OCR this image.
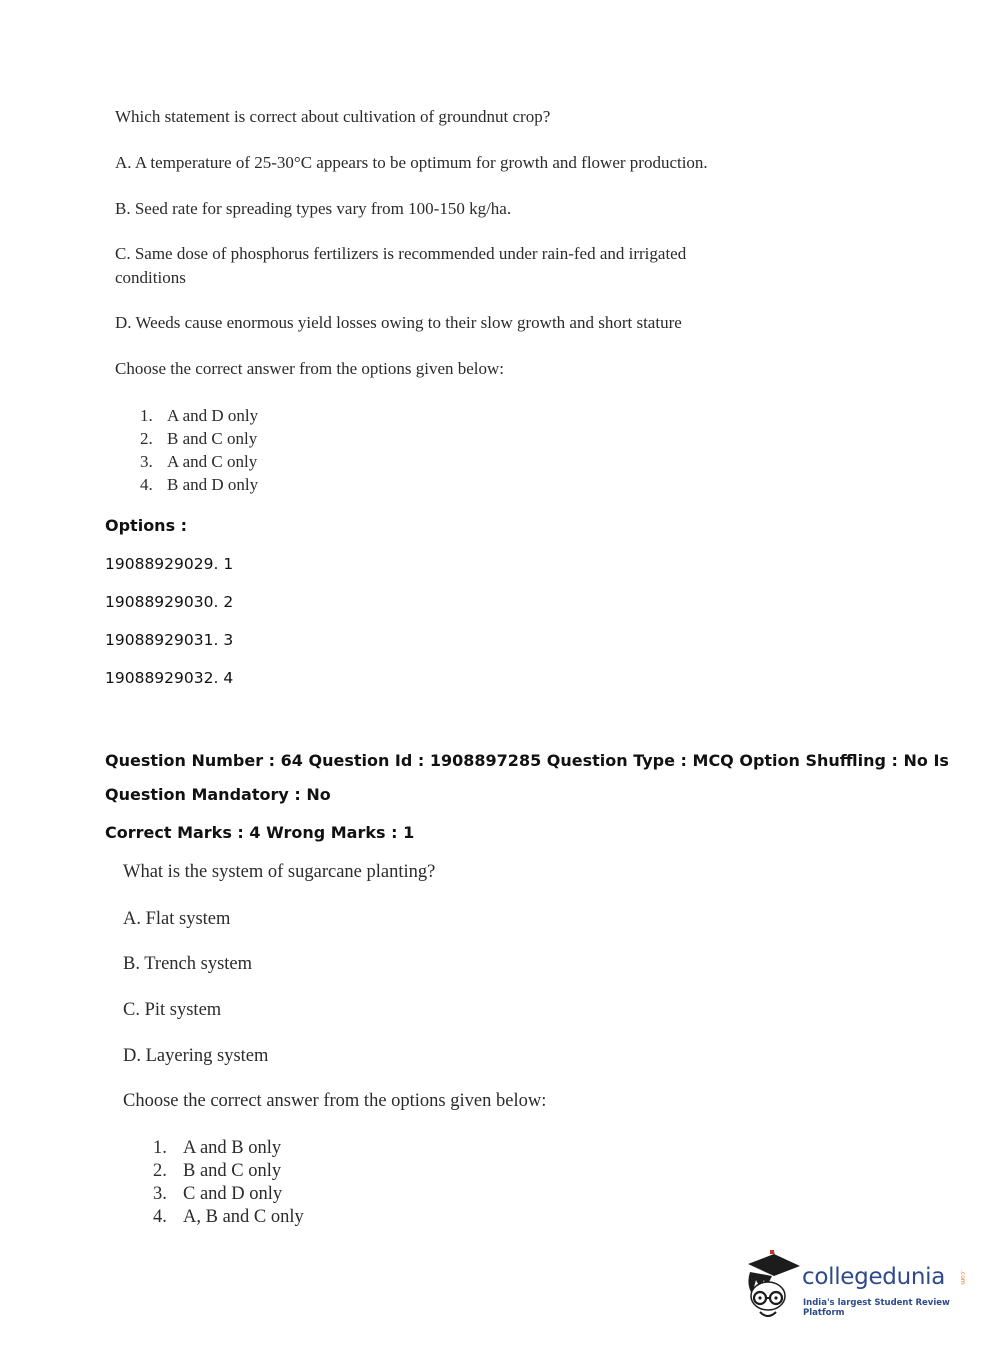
Which statement is correct about cultivation of groundnut crop?
A. A temperature of 25-30°C appears to be optimum for growth and flower production.
B. Seed rate for spreading types vary from 100-150 kg/ha.
C. Same dose of phosphorus fertilizers is recommended under rain-fed and irrigated
conditions
D. Weeds cause enormous yield losses owing to their slow growth and short stature
Choose the correct answer from the options given below:
1. A and D only
2. B and C only
3. A and C only
4. B and D only
Options :
19088929029. 1
19088929030. 2
19088929031. 3
19088929032. 4
Question Number : 64 Question Id : 1908897285 Question Type : MCQ Option Shuffling : No Is
Question Mandatory : No
Correct Marks : 4 Wrong Marks : 1
What is the system of sugarcane planting?
A. Flat system
B. Trench system
C. Pit system
D. Layering system
Choose the correct answer from the options given below:
1. A and B only
2. B and C only
3. C and D only
4. A, B and C only
collegedunia .com
India's largest Student Review Platform
